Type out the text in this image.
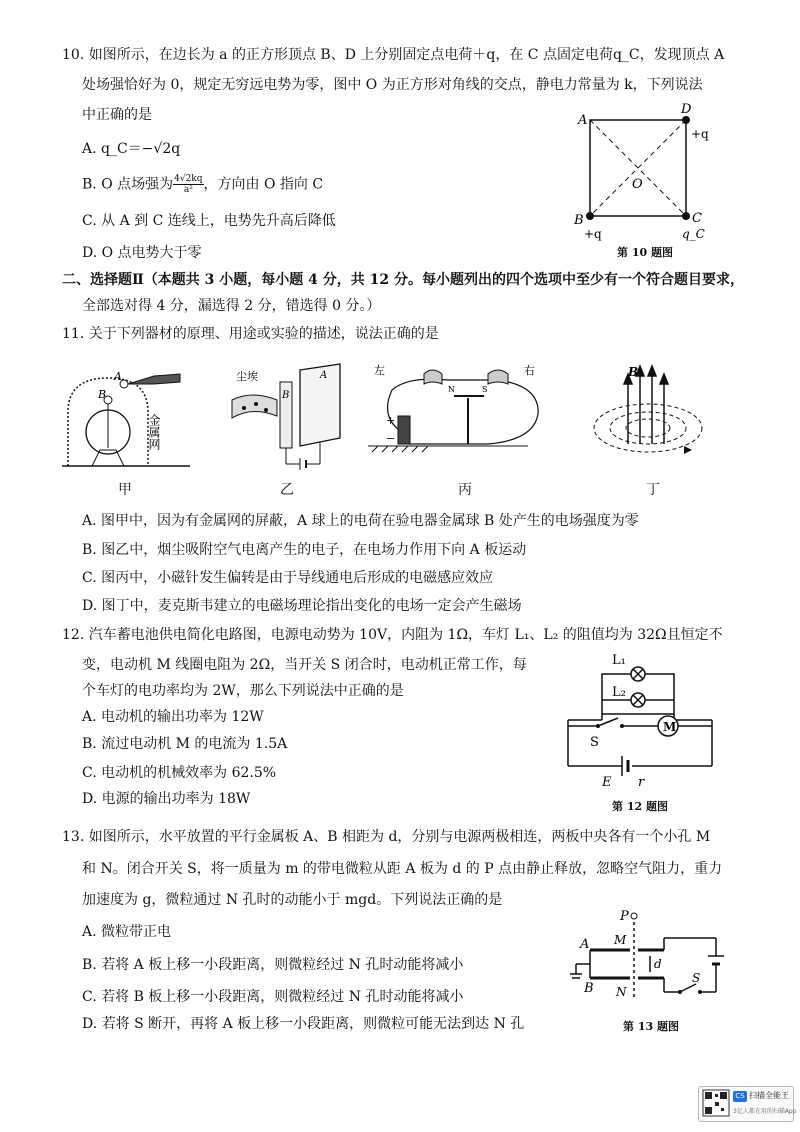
10. 如图所示，在边长为 a 的正方形顶点 B、D 上分别固定点电荷＋q，在 C 点固定电荷q_C，发现顶点 A
处场强恰好为 0，规定无穷远电势为零，图中 O 为正方形对角线的交点，静电力常量为 k，下列说法
中正确的是
A. q_C＝−√2q
B. O 点场强为 $\frac{4√2kq}{\text{a²}}$ ，方向由 O 指向 C
C. 从 A 到 C 连线上，电势先升高后降低
D. O 点电势大于零
A
D
+q
B
+q
C
q_C
O
第 10 题图
二、选择题Ⅱ（本题共 3 小题，每小题 4 分，共 12 分。每小题列出的四个选项中至少有一个符合题目要求，
全部选对得 4 分，漏选得 2 分，错选得 0 分。）
11. 关于下列器材的原理、用途或实验的描述，说法正确的是
A
B
金属网
甲
尘埃
B
A
乙
左	右
+
−
N	S
丙
B
丁
A. 图甲中，因为有金属网的屏蔽，A 球上的电荷在验电器金属球 B 处产生的电场强度为零
B. 图乙中，烟尘吸附空气电离产生的电子，在电场力作用下向 A 板运动
C. 图丙中，小磁针发生偏转是由于导线通电后形成的电磁感应效应
D. 图丁中，麦克斯韦建立的电磁场理论指出变化的电场一定会产生磁场
12. 汽车蓄电池供电简化电路图，电源电动势为 10V，内阻为 1Ω，车灯 L₁、L₂ 的阻值均为 32Ω且恒定不
变，电动机 M 线圈电阻为 2Ω，当开关 S 闭合时，电动机正常工作，每
个车灯的电功率均为 2W，那么下列说法中正确的是
A. 电动机的输出功率为 12W
B. 流过电动机 M 的电流为 1.5A
C. 电动机的机械效率为 62.5%
D. 电源的输出功率为 18W
L₁
L₂
M
S
E r
第 12 题图
13. 如图所示，水平放置的平行金属板 A、B 相距为 d，分别与电源两极相连，两板中央各有一个小孔 M
和 N。闭合开关 S，将一质量为 m 的带电微粒从距 A 板为 d 的 P 点由静止释放，忽略空气阻力，重力
加速度为 g，微粒通过 N 孔时的动能小于 mgd。下列说法正确的是
A. 微粒带正电
B. 若将 A 板上移一小段距离，则微粒经过 N 孔时动能将减小
C. 若将 B 板上移一小段距离，则微粒经过 N 孔时动能将减小
D. 若将 S 断开，再将 A 板上移一小段距离，则微粒可能无法到达 N 孔
P
A M
B N
d
S
第 13 题图
CS 扫描全能王
3亿人都在用的扫描App
